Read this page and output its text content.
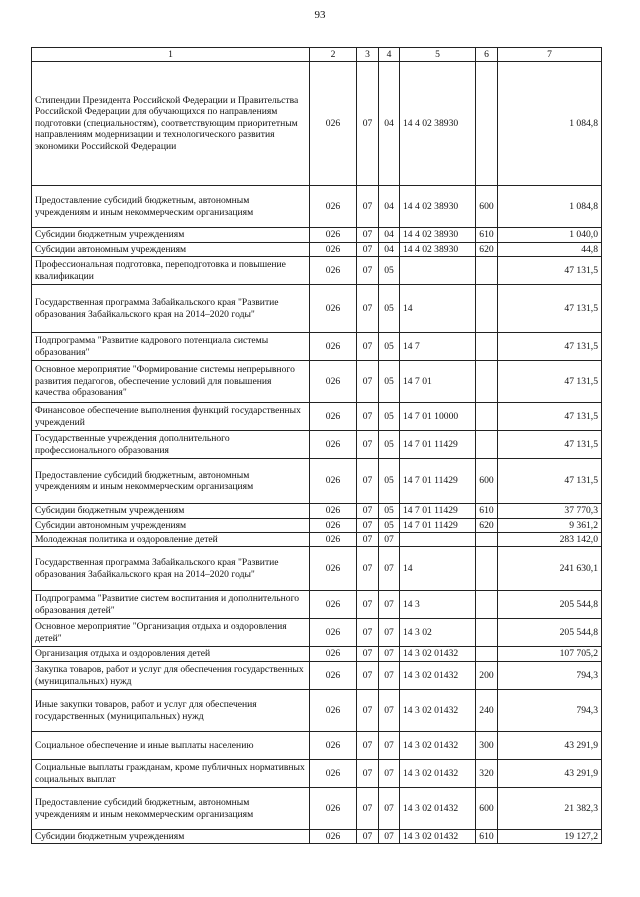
93
1	2	3	4	5	6	7
Стипендии Президента Российской Федерации и Правительства Российской Федерации для обучающихся по направлениям подготовки (специальностям), соответствующим приоритетным направлениям модернизации и технологического развития экономики Российской Федерации	026	07	04	14 4 02 38930		1 084,8
Предоставление субсидий бюджетным, автономным учреждениям и иным некоммерческим организациям	026	07	04	14 4 02 38930	600	1 084,8
Субсидии бюджетным учреждениям	026	07	04	14 4 02 38930	610	1 040,0
Субсидии автономным учреждениям	026	07	04	14 4 02 38930	620	44,8
Профессиональная подготовка, переподготовка и повышение квалификации	026	07	05			47 131,5
Государственная программа Забайкальского края "Развитие образования Забайкальского края на 2014–2020 годы"	026	07	05	14		47 131,5
Подпрограмма "Развитие кадрового потенциала системы образования"	026	07	05	14 7		47 131,5
Основное мероприятие "Формирование системы непрерывного развития педагогов, обеспечение условий для повышения качества образования"	026	07	05	14 7 01		47 131,5
Финансовое обеспечение выполнения функций государственных учреждений	026	07	05	14 7 01 10000		47 131,5
Государственные учреждения дополнительного профессионального образования	026	07	05	14 7 01 11429		47 131,5
Предоставление субсидий бюджетным, автономным учреждениям и иным некоммерческим организациям	026	07	05	14 7 01 11429	600	47 131,5
Субсидии бюджетным учреждениям	026	07	05	14 7 01 11429	610	37 770,3
Субсидии автономным учреждениям	026	07	05	14 7 01 11429	620	9 361,2
Молодежная политика и оздоровление детей	026	07	07			283 142,0
Государственная программа Забайкальского края "Развитие образования Забайкальского края на 2014–2020 годы"	026	07	07	14		241 630,1
Подпрограмма "Развитие систем воспитания и дополнительного образования детей"	026	07	07	14 3		205 544,8
Основное мероприятие "Организация отдыха и оздоровления детей"	026	07	07	14 3 02		205 544,8
Организация отдыха и оздоровления детей	026	07	07	14 3 02 01432		107 705,2
Закупка товаров, работ и услуг для обеспечения государственных (муниципальных) нужд	026	07	07	14 3 02 01432	200	794,3
Иные закупки товаров, работ и услуг для обеспечения государственных (муниципальных) нужд	026	07	07	14 3 02 01432	240	794,3
Социальное обеспечение и иные выплаты населению	026	07	07	14 3 02 01432	300	43 291,9
Социальные выплаты гражданам, кроме публичных нормативных социальных выплат	026	07	07	14 3 02 01432	320	43 291,9
Предоставление субсидий бюджетным, автономным учреждениям и иным некоммерческим организациям	026	07	07	14 3 02 01432	600	21 382,3
Субсидии бюджетным учреждениям	026	07	07	14 3 02 01432	610	19 127,2
